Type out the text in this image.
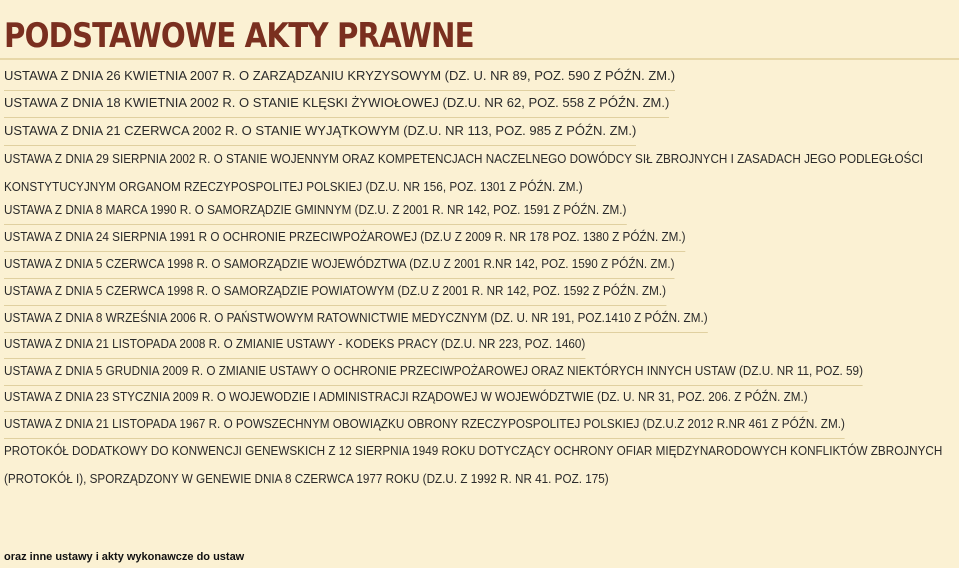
PODSTAWOWE AKTY PRAWNE
USTAWA Z DNIA 26 KWIETNIA 2007 R. O ZARZĄDZANIU KRYZYSOWYM (DZ. U. NR 89, POZ. 590 Z PÓŹN. ZM.)
USTAWA Z DNIA 18 KWIETNIA 2002 R. O STANIE KLĘSKI ŻYWIOŁOWEJ (DZ.U. NR 62, POZ. 558 Z PÓŹN. ZM.)
USTAWA Z DNIA 21 CZERWCA 2002 R. O STANIE WYJĄTKOWYM (DZ.U. NR 113, POZ. 985 Z PÓŹN. ZM.)
USTAWA Z DNIA 29 SIERPNIA 2002 R. O STANIE WOJENNYM ORAZ KOMPETENCJACH NACZELNEGO DOWÓDCY SIŁ ZBROJNYCH I ZASADACH JEGO PODLEGŁOŚCI KONSTYTUCYJNYM ORGANOM RZECZYPOSPOLITEJ POLSKIEJ (DZ.U. NR 156, POZ. 1301 Z PÓŹN. ZM.)
USTAWA Z DNIA 8 MARCA 1990 R. O SAMORZĄDZIE GMINNYM (DZ.U. Z 2001 R. NR 142, POZ. 1591 Z PÓŹN. ZM.)
USTAWA Z DNIA 24 SIERPNIA 1991 R O OCHRONIE PRZECIWPOŻAROWEJ (DZ.U Z 2009 R. NR 178 POZ. 1380 Z PÓŹN. ZM.)
USTAWA Z DNIA 5 CZERWCA 1998 R. O SAMORZĄDZIE WOJEWÓDZTWA (DZ.U Z 2001 R.NR 142, POZ. 1590 Z PÓŹN. ZM.)
USTAWA Z DNIA 5 CZERWCA 1998 R. O SAMORZĄDZIE POWIATOWYM (DZ.U Z 2001 R. NR 142, POZ. 1592 Z PÓŹN. ZM.)
USTAWA Z DNIA 8 WRZEŚNIA 2006 R. O PAŃSTWOWYM RATOWNICTWIE MEDYCZNYM (DZ. U. NR 191, POZ.1410 Z PÓŹN. ZM.)
USTAWA Z DNIA 21 LISTOPADA 2008 R. O ZMIANIE USTAWY - KODEKS PRACY (DZ.U. NR 223, POZ. 1460)
USTAWA Z DNIA 5 GRUDNIA 2009 R. O ZMIANIE USTAWY O OCHRONIE PRZECIWPOŻAROWEJ ORAZ NIEKTÓRYCH INNYCH USTAW (DZ.U. NR 11, POZ. 59)
USTAWA Z DNIA 23 STYCZNIA 2009 R. O WOJEWODZIE I ADMINISTRACJI RZĄDOWEJ W WOJEWÓDZTWIE (DZ. U. NR 31, POZ. 206. Z PÓŹN. ZM.)
USTAWA Z DNIA 21 LISTOPADA 1967 R. O POWSZECHNYM OBOWIĄZKU OBRONY RZECZYPOSPOLITEJ POLSKIEJ (DZ.U.Z 2012 R.NR 461 Z PÓŹN. ZM.)
PROTOKÓŁ DODATKOWY DO KONWENCJI GENEWSKICH Z 12 SIERPNIA 1949 ROKU DOTYCZĄCY OCHRONY OFIAR MIĘDZYNARODOWYCH KONFLIKTÓW ZBROJNYCH (PROTOKÓŁ I), SPORZĄDZONY W GENEWIE DNIA 8 CZERWCA 1977 ROKU (DZ.U. Z 1992 R. NR 41. POZ. 175)
oraz inne ustawy i akty wykonawcze do ustaw
